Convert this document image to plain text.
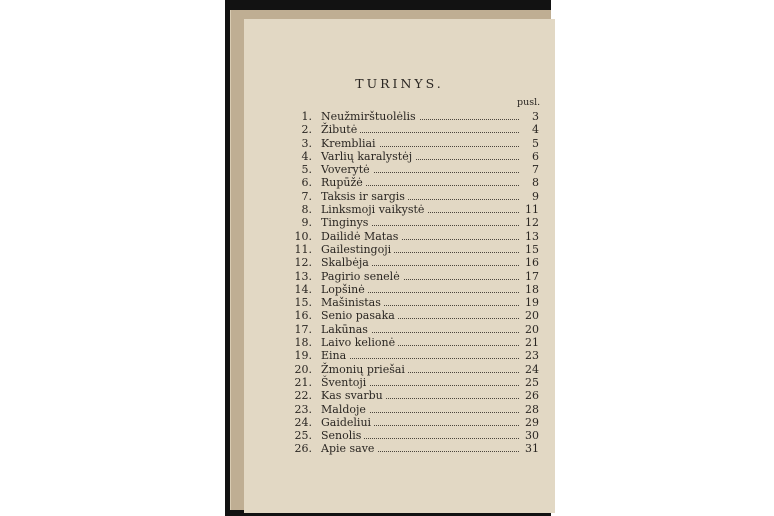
TURINYS.
pusl.
1. Neužmirštuolėlis	3
2. Žibutė	4
3. Krembliai	5
4. Varlių karalystėj	6
5. Voverytė	7
6. Rupūžė	8
7. Taksis ir sargis	9
8. Linksmoji vaikystė	11
9. Tinginys	12
10. Dailidė Matas	13
11. Gailestingoji	15
12. Skalbėja	16
13. Pagirio senelė	17
14. Lopšinė	18
15. Mašinistas	19
16. Senio pasaka	20
17. Lakūnas	20
18. Laivo kelionė	21
19. Eina	23
20. Žmonių priešai	24
21. Šventoji	25
22. Kas svarbu	26
23. Maldoje	28
24. Gaideliui	29
25. Senolis	30
26. Apie save	31
